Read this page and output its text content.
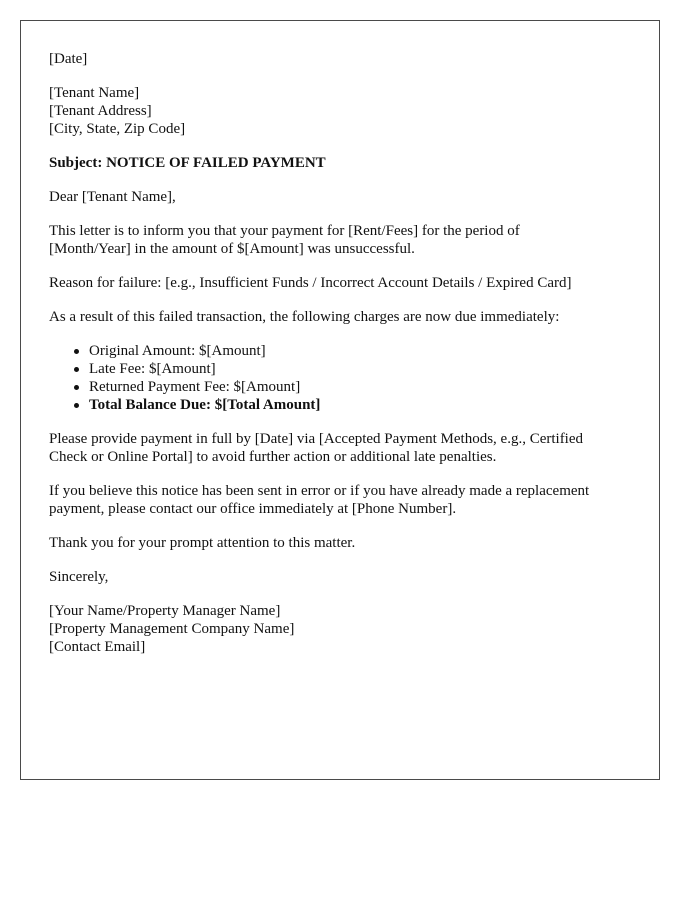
[Date]

[Tenant Name]
[Tenant Address]
[City, State, Zip Code]

Subject: NOTICE OF FAILED PAYMENT

Dear [Tenant Name],

This letter is to inform you that your payment for [Rent/Fees] for the period of
[Month/Year] in the amount of $[Amount] was unsuccessful.

Reason for failure: [e.g., Insufficient Funds / Incorrect Account Details / Expired Card]

As a result of this failed transaction, the following charges are now due immediately:

Original Amount: $[Amount]
Late Fee: $[Amount]
Returned Payment Fee: $[Amount]
Total Balance Due: $[Total Amount]

Please provide payment in full by [Date] via [Accepted Payment Methods, e.g., Certified
Check or Online Portal] to avoid further action or additional late penalties.

If you believe this notice has been sent in error or if you have already made a replacement
payment, please contact our office immediately at [Phone Number].

Thank you for your prompt attention to this matter.

Sincerely,

[Your Name/Property Manager Name]
[Property Management Company Name]
[Contact Email]
